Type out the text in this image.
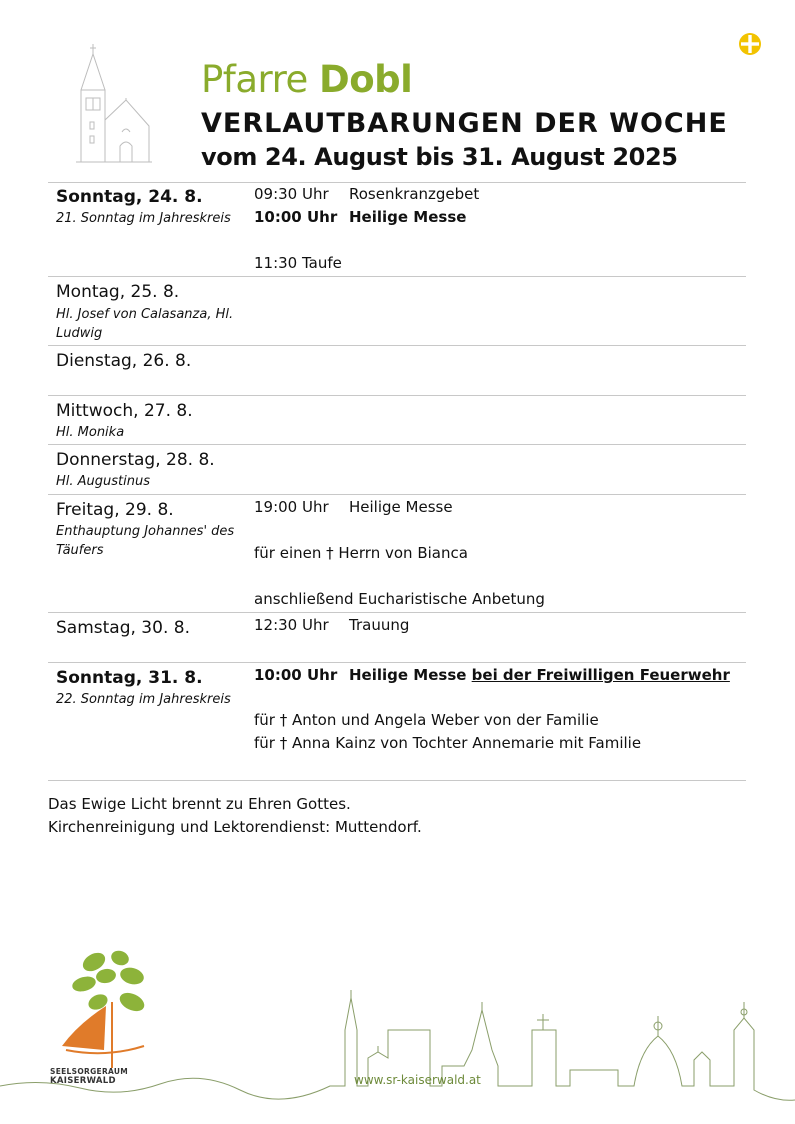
Pfarre Dobl
VERLAUTBARUNGEN DER WOCHE
vom 24. August bis 31. August 2025
Sonntag, 24. 8.
21. Sonntag im Jahreskreis
09:30 Uhr Rosenkranzgebet
10:00 Uhr Heilige Messe
11:30 Taufe
Montag, 25. 8.
Hl. Josef von Calasanza, Hl. Ludwig
Dienstag, 26. 8.
Mittwoch, 27. 8.
Hl. Monika
Donnerstag, 28. 8.
Hl. Augustinus
Freitag, 29. 8.
Enthauptung Johannes' des Täufers
19:00 Uhr Heilige Messe
für einen † Herrn von Bianca
anschließend Eucharistische Anbetung
Samstag, 30. 8.	12:30 Uhr Trauung
Sonntag, 31. 8.
22. Sonntag im Jahreskreis
10:00 Uhr Heilige Messe bei der Freiwilligen Feuerwehr
für † Anton und Angela Weber von der Familie
für † Anna Kainz von Tochter Annemarie mit Familie
Das Ewige Licht brennt zu Ehren Gottes.
Kirchenreinigung und Lektorendienst: Muttendorf.
SEELSORGERAUM
KAISERWALD	www.sr-kaiserwald.at
